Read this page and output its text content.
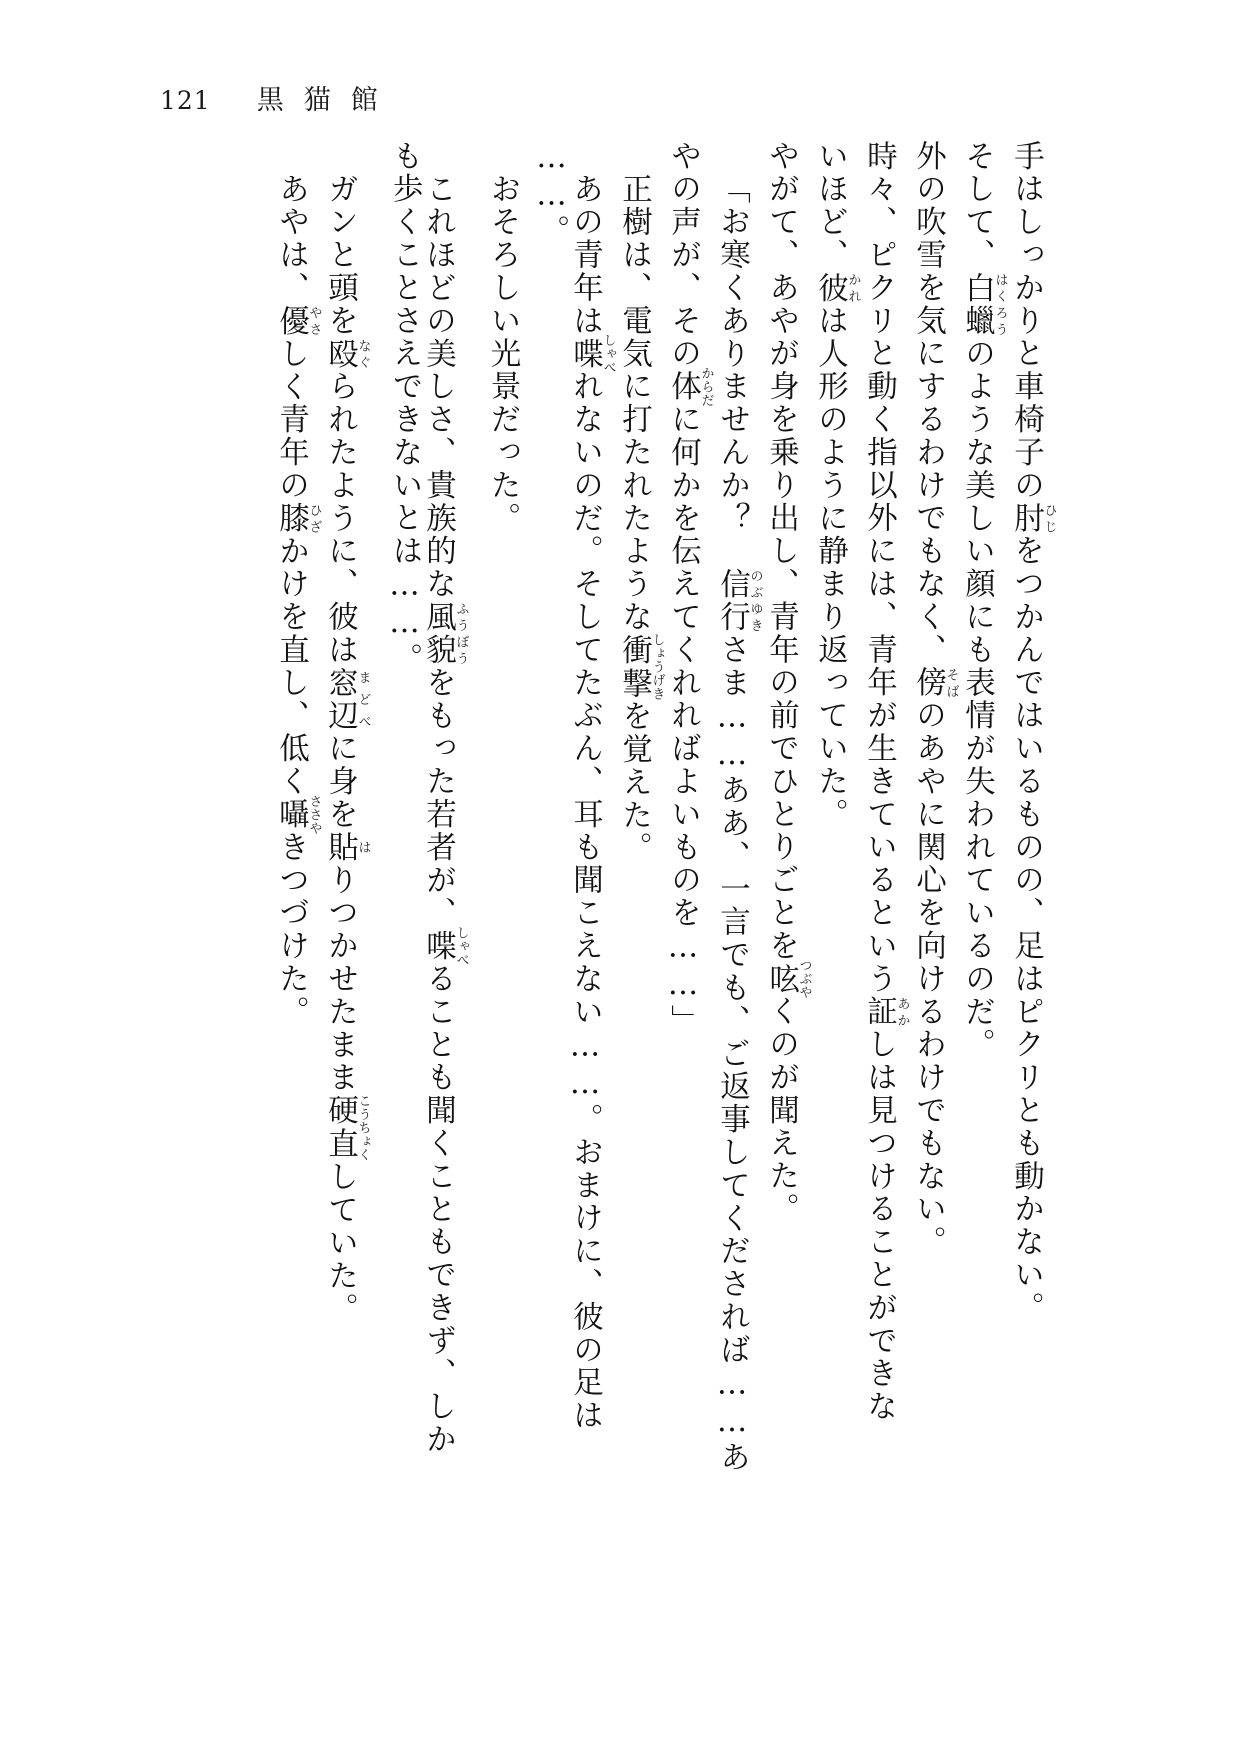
121 黒猫館
手はしっかりと車椅子の肘ひじをつかんではいるものの、足はピクリとも動かない。
そして、白蠟はくろうのような美しい顔にも表情が失われているのだ。
外の吹雪を気にするわけでもなく、傍そばのあやに関心を向けるわけでもない。
時々、ピクリと動く指以外には、青年が生きているという証あかしは見つけることができな
いほど、彼かれは人形のように静まり返っていた。
やがて、あやが身を乗り出し、青年の前でひとりごとを呟つぶやくのが聞えた。
「お寒くありませんか？　信行のぶゆきさま……ああ、一言でも、ご返事してくだされば……あ
やの声が、その体からだに何かを伝えてくれればよいものを……」
正樹は、電気に打たれたような衝撃しょうげきを覚えた。
あの青年は喋しゃべれないのだ。そしてたぶん、耳も聞こえない……。おまけに、彼の足は
……。
おそろしい光景だった。
これほどの美しさ、貴族的な風貌ふうぼうをもった若者が、喋しゃべることも聞くこともできず、しか
も歩くことさえできないとは……。
ガンと頭を殴なぐられたように、彼は窓辺まどべに身を貼はりつかせたまま硬直こうちょくしていた。
あやは、優やさしく青年の膝ひざかけを直し、低く囁ささやきつづけた。
